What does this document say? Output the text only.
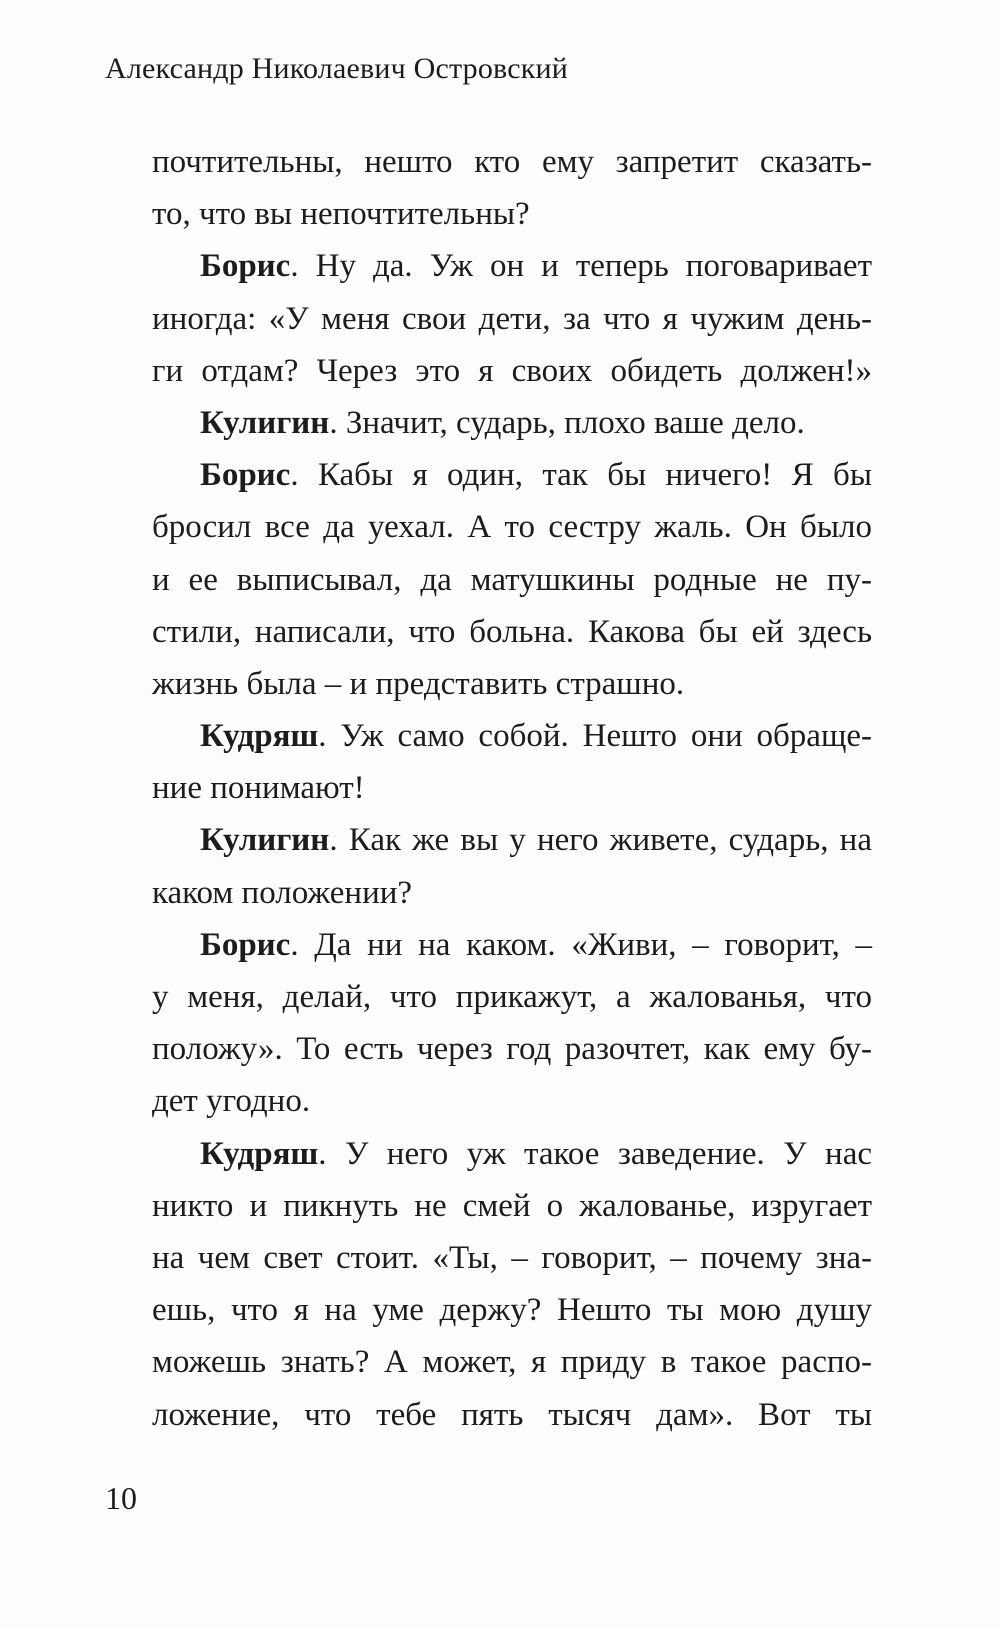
Александр Николаевич Островский
почтительны, нешто кто ему запретит сказать-
то, что вы непочтительны?
Борис. Ну да. Уж он и теперь поговаривает
иногда: «У меня свои дети, за что я чужим день-
ги отдам? Через это я своих обидеть должен!»
Кулигин. Значит, сударь, плохо ваше дело.
Борис. Кабы я один, так бы ничего! Я бы
бросил все да уехал. А то сестру жаль. Он было
и ее выписывал, да матушкины родные не пу-
стили, написали, что больна. Какова бы ей здесь
жизнь была – и представить страшно.
Кудряш. Уж само собой. Нешто они обраще-
ние понимают!
Кулигин. Как же вы у него живете, сударь, на
каком положении?
Борис. Да ни на каком. «Живи, – говорит, –
у меня, делай, что прикажут, а жалованья, что
положу». То есть через год разочтет, как ему бу-
дет угодно.
Кудряш. У него уж такое заведение. У нас
никто и пикнуть не смей о жалованье, изругает
на чем свет стоит. «Ты, – говорит, – почему зна-
ешь, что я на уме держу? Нешто ты мою душу
можешь знать? А может, я приду в такое распо-
ложение, что тебе пять тысяч дам». Вот ты
10
